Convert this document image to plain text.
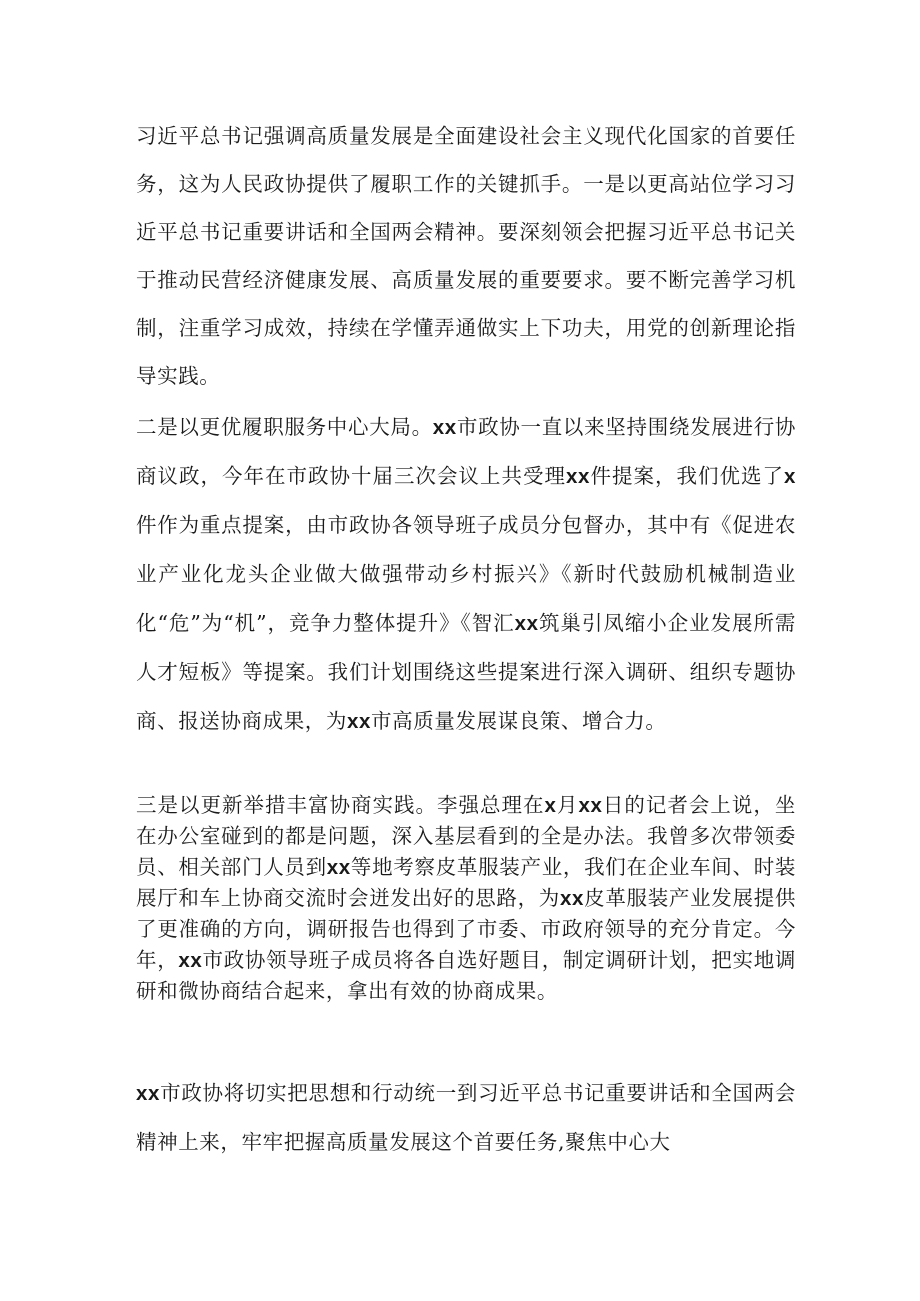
习近平总书记强调高质量发展是全面建设社会主义现代化国家的首要任务，这为人民政协提供了履职工作的关键抓手。一是以更高站位学习习近平总书记重要讲话和全国两会精神。要深刻领会把握习近平总书记关于推动民营经济健康发展、高质量发展的重要要求。要不断完善学习机制，注重学习成效，持续在学懂弄通做实上下功夫，用党的创新理论指导实践。

二是以更优履职服务中心大局。xx市政协一直以来坚持围绕发展进行协商议政，今年在市政协十届三次会议上共受理xx件提案，我们优选了x件作为重点提案，由市政协各领导班子成员分包督办，其中有《促进农业产业化龙头企业做大做强带动乡村振兴》《新时代鼓励机械制造业化“危”为“机”，竞争力整体提升》《智汇xx筑巢引凤缩小企业发展所需人才短板》等提案。我们计划围绕这些提案进行深入调研、组织专题协商、报送协商成果，为xx市高质量发展谋良策、增合力。

三是以更新举措丰富协商实践。李强总理在x月xx日的记者会上说，坐在办公室碰到的都是问题，深入基层看到的全是办法。我曾多次带领委员、相关部门人员到xx等地考察皮革服装产业，我们在企业车间、时装展厅和车上协商交流时会迸发出好的思路，为xx皮革服装产业发展提供了更准确的方向，调研报告也得到了市委、市政府领导的充分肯定。今年，xx市政协领导班子成员将各自选好题目，制定调研计划，把实地调研和微协商结合起来，拿出有效的协商成果。

xx市政协将切实把思想和行动统一到习近平总书记重要讲话和全国两会精神上来，牢牢把握高质量发展这个首要任务,聚焦中心大
